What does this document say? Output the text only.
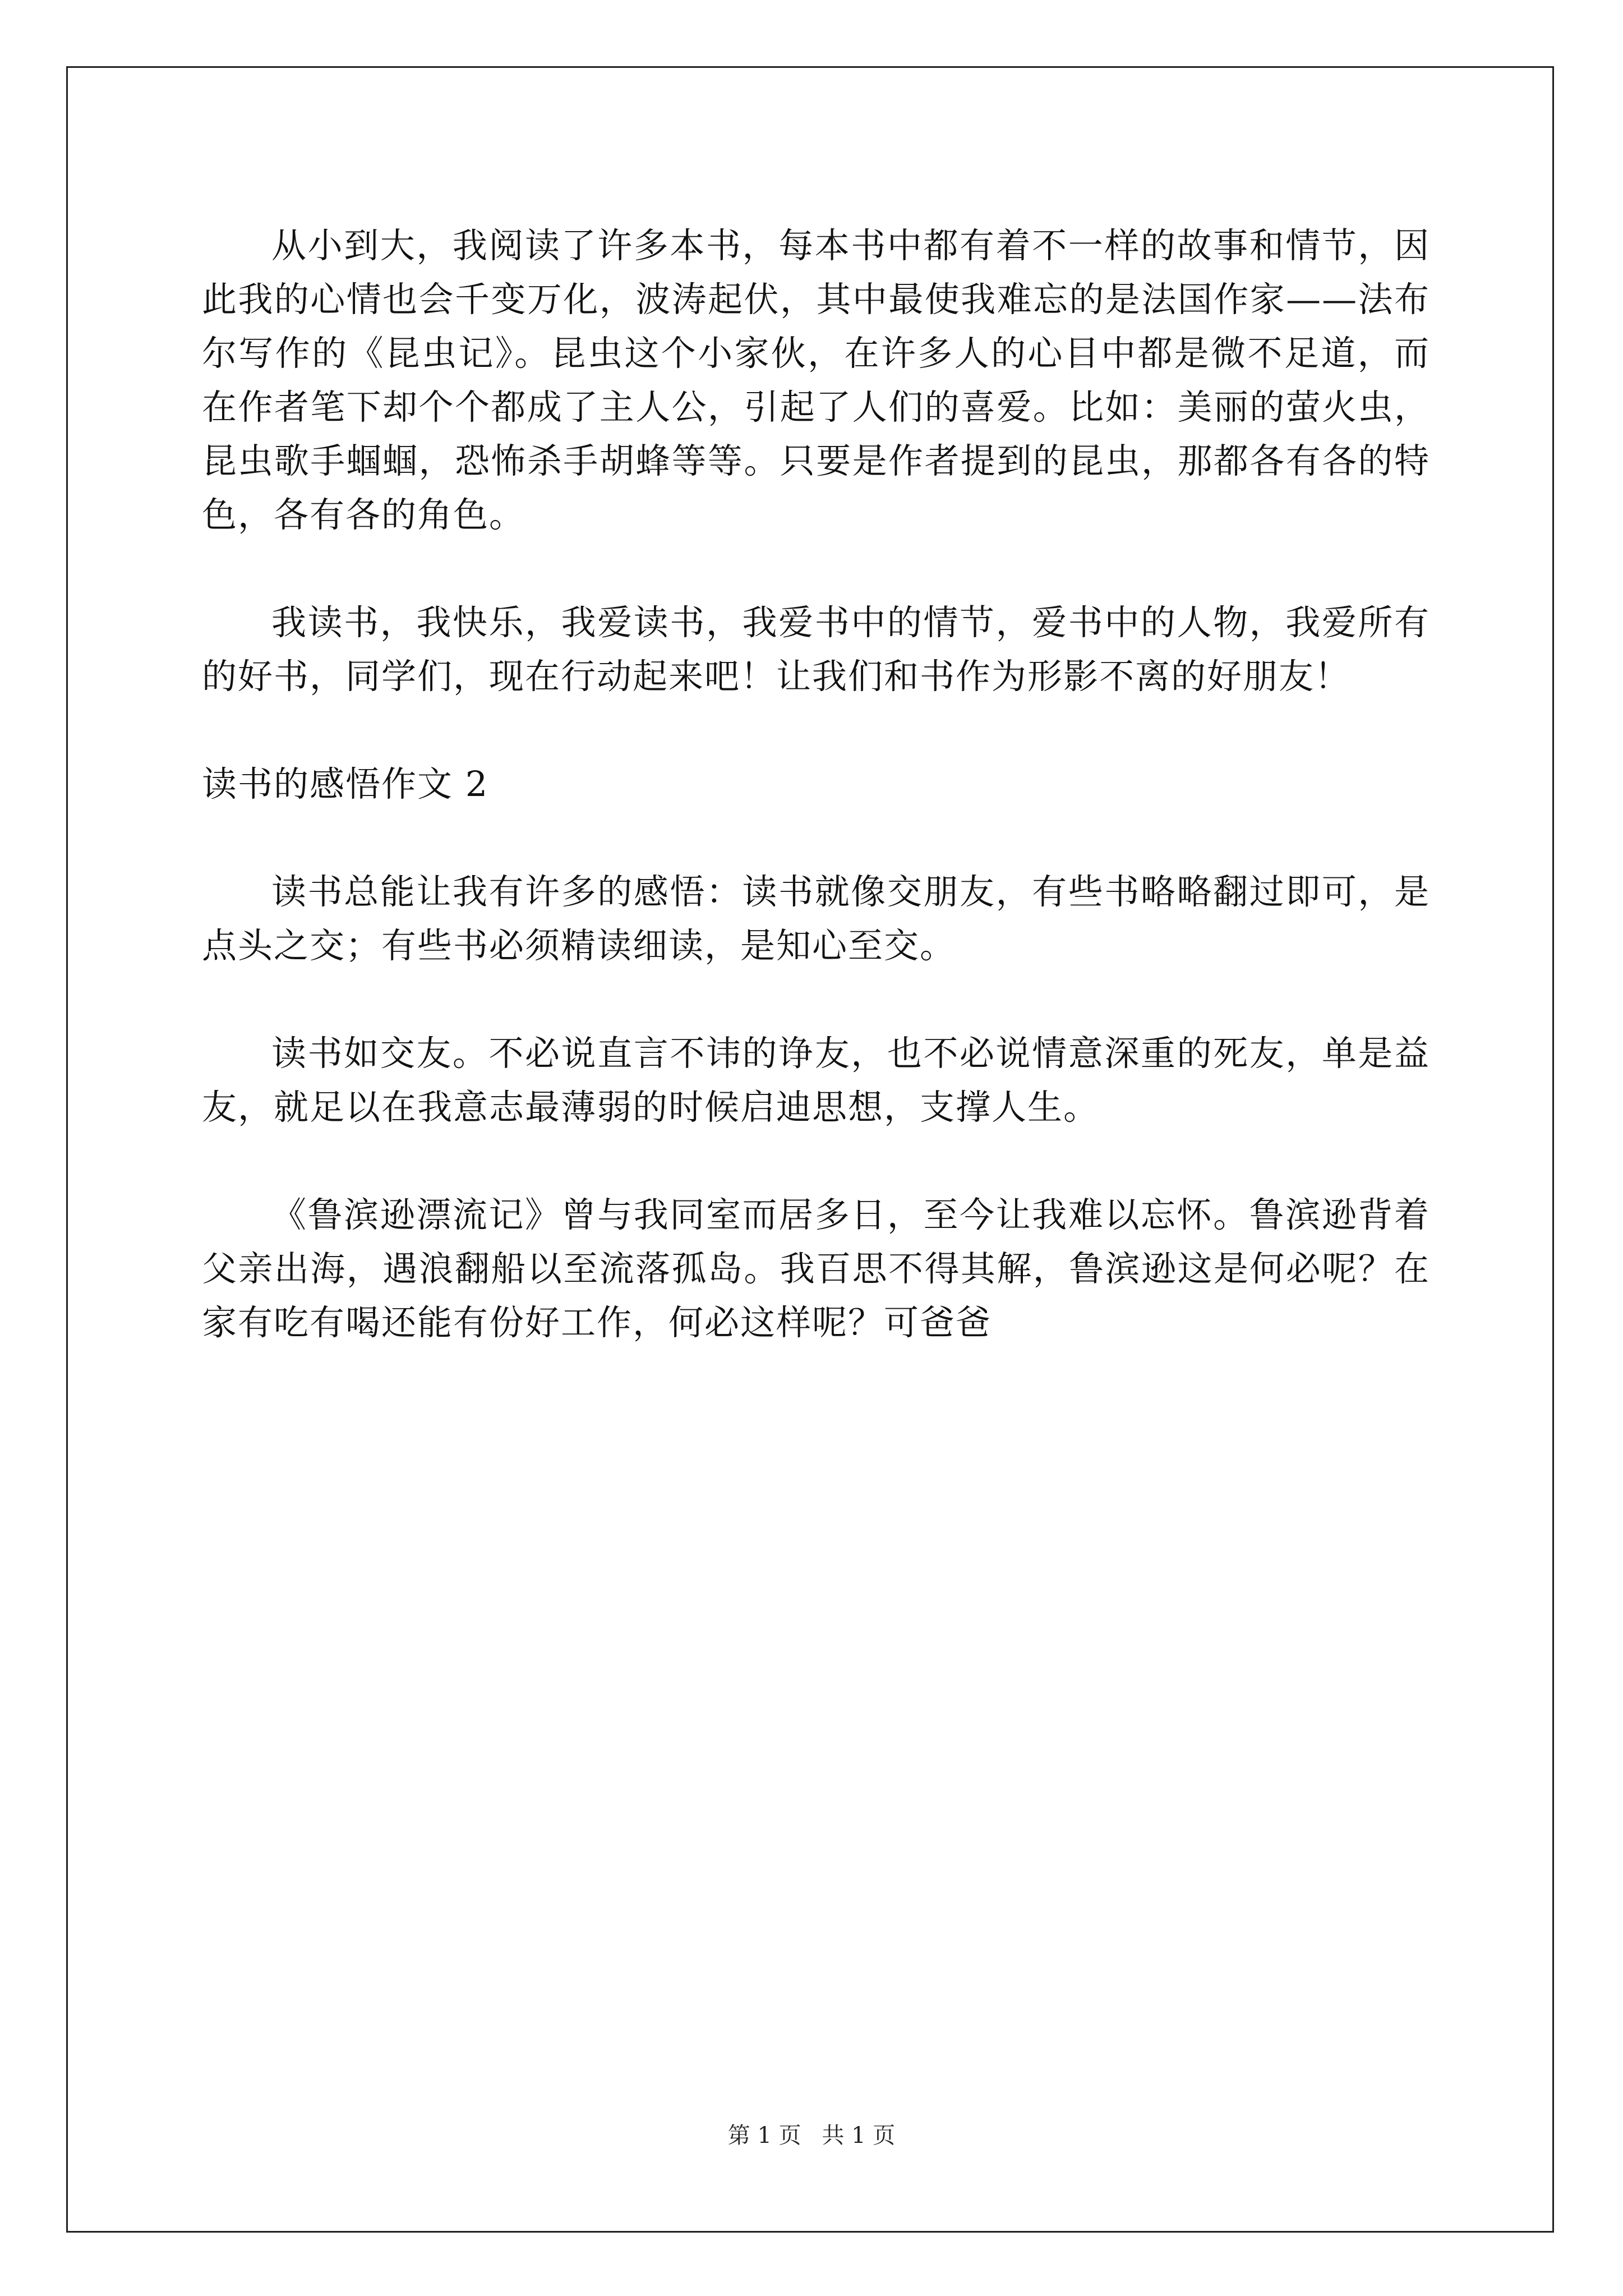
从小到大，我阅读了许多本书，每本书中都有着不一样的故事和情节，因此我的心情也会千变万化，波涛起伏，其中最使我难忘的是法国作家——法布尔写作的《昆虫记》。昆虫这个小家伙，在许多人的心目中都是微不足道，而在作者笔下却个个都成了主人公，引起了人们的喜爱。比如：美丽的萤火虫，昆虫歌手蝈蝈，恐怖杀手胡蜂等等。只要是作者提到的昆虫，那都各有各的特色，各有各的角色。

我读书，我快乐，我爱读书，我爱书中的情节，爱书中的人物，我爱所有的好书，同学们，现在行动起来吧！让我们和书作为形影不离的好朋友！

读书的感悟作文 2

读书总能让我有许多的感悟：读书就像交朋友，有些书略略翻过即可，是点头之交；有些书必须精读细读，是知心至交。

读书如交友。不必说直言不讳的诤友，也不必说情意深重的死友，单是益友，就足以在我意志最薄弱的时候启迪思想，支撑人生。

《鲁滨逊漂流记》曾与我同室而居多日，至今让我难以忘怀。鲁滨逊背着父亲出海，遇浪翻船以至流落孤岛。我百思不得其解，鲁滨逊这是何必呢？在家有吃有喝还能有份好工作，何必这样呢？可爸爸

第 1 页 共 1 页
